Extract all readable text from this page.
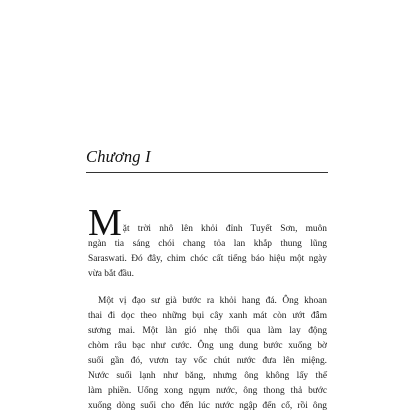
Chương I
M ặt trời nhô lên khỏi đỉnh Tuyết Sơn, muôn
ngàn tia sáng chói chang tỏa lan khắp thung lũng
Saraswati. Đó đây, chim chóc cất tiếng báo hiệu một ngày
vừa bắt đầu.
Một vị đạo sư già bước ra khỏi hang đá. Ông khoan
thai đi dọc theo những bụi cây xanh mát còn ướt đẫm
sương mai. Một làn gió nhẹ thổi qua làm lay động
chòm râu bạc như cước. Ông ung dung bước xuống bờ
suối gần đó, vươn tay vốc chút nước đưa lên miệng.
Nước suối lạnh như băng, nhưng ông không lấy thế
làm phiền. Uống xong ngụm nước, ông thong thả bước
xuống dòng suối cho đến lúc nước ngập đến cổ, rồi ông
